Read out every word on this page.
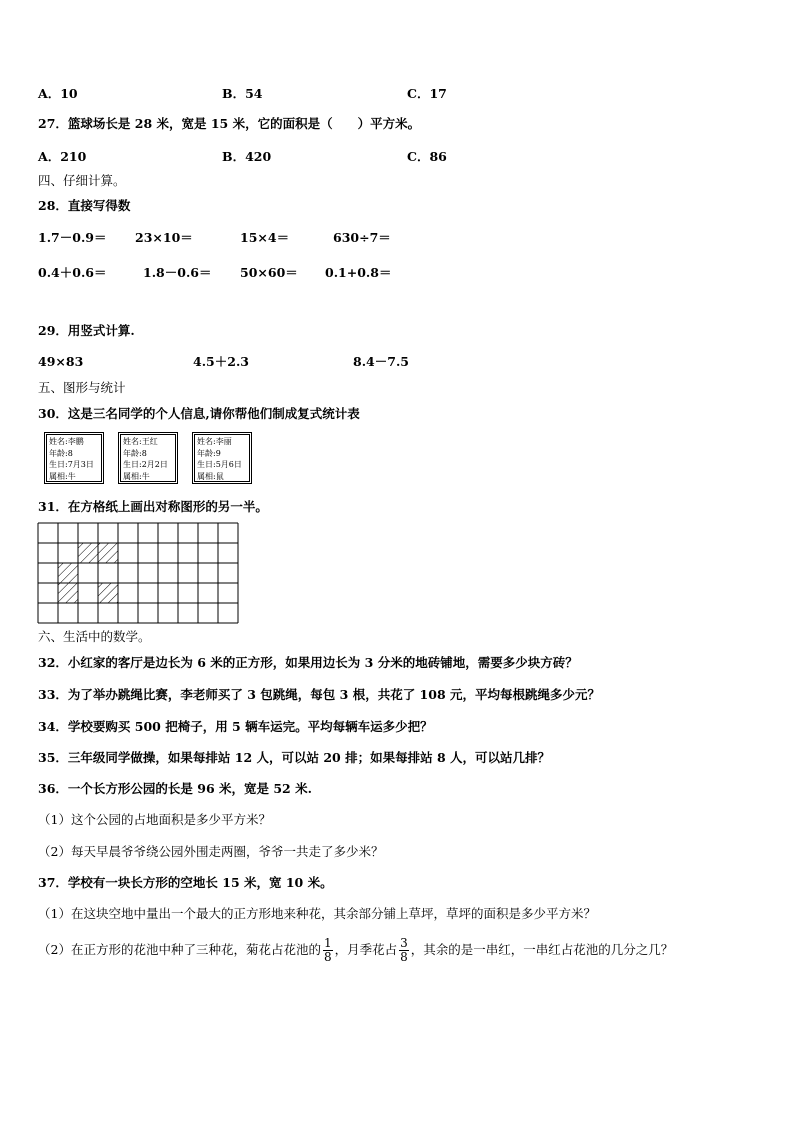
A．10	B．54	C．17
27．篮球场长是 28 米，宽是 15 米，它的面积是（　　）平方米。
A．210	B．420	C．86
四、仔细计算。
28．直接写得数
1.7－0.9＝ 23×10＝	15×4＝	630÷7＝
0.4＋0.6＝	1.8－0.6＝ 50×60＝ 0.1+0.8＝
29．用竖式计算.
49×83	4.5＋2.3	8.4－7.5
五、图形与统计
30．这是三名同学的个人信息,请你帮他们制成复式统计表
姓名:李鹏
年龄:8
生日:7月3日
属相:牛
姓名:王红
年龄:8
生日:2月2日
属相:牛
姓名:李丽
年龄:9
生日:5月6日
属相:鼠
31．在方格纸上画出对称图形的另一半。
六、生活中的数学。
32．小红家的客厅是边长为 6 米的正方形，如果用边长为 3 分米的地砖铺地，需要多少块方砖？
33．为了举办跳绳比赛，李老师买了 3 包跳绳，每包 3 根，共花了 108 元，平均每根跳绳多少元？
34．学校要购买 500 把椅子，用 5 辆车运完。平均每辆车运多少把？
35．三年级同学做操，如果每排站 12 人，可以站 20 排；如果每排站 8 人，可以站几排？
36．一个长方形公园的长是 96 米，宽是 52 米.
（1）这个公园的占地面积是多少平方米？
（2）每天早晨爷爷绕公园外围走两圈，爷爷一共走了多少米？
37．学校有一块长方形的空地长 15 米，宽 10 米。
（1）在这块空地中量出一个最大的正方形地来种花，其余部分铺上草坪，草坪的面积是多少平方米？
（2）在正方形的花池中种了三种花，菊花占花池的 $\frac{1}{8}$ ，月季花占 $\frac{3}{8}$ ，其余的是一串红，一串红占花池的几分之几？
